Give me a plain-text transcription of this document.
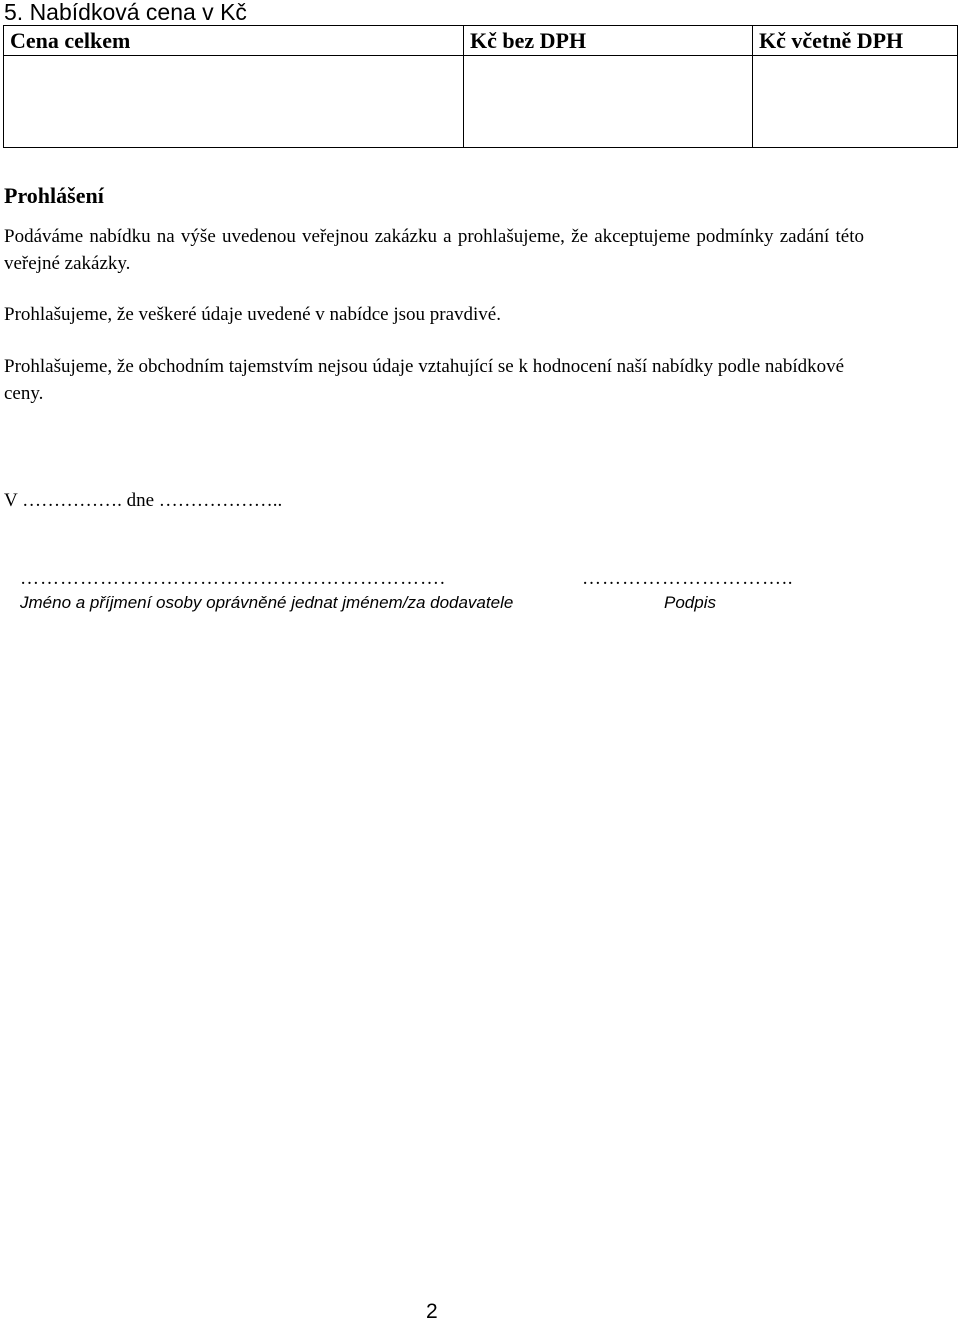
5. Nabídková cena v Kč
Cena celkem	Kč bez DPH	Kč včetně DPH

Prohlášení

Podáváme nabídku na výše uvedenou veřejnou zakázku a prohlašujeme, že akceptujeme podmínky zadání této veřejné zakázky.

Prohlašujeme, že veškeré údaje uvedené v nabídce jsou pravdivé.

Prohlašujeme, že obchodním tajemstvím nejsou údaje vztahující se k hodnocení naší nabídky podle nabídkové ceny.

V ……………. dne ………………..

……………………………………………………….	…………………………..

Jméno a příjmení osoby oprávněné jednat jménem/za dodavatele	Podpis

2
